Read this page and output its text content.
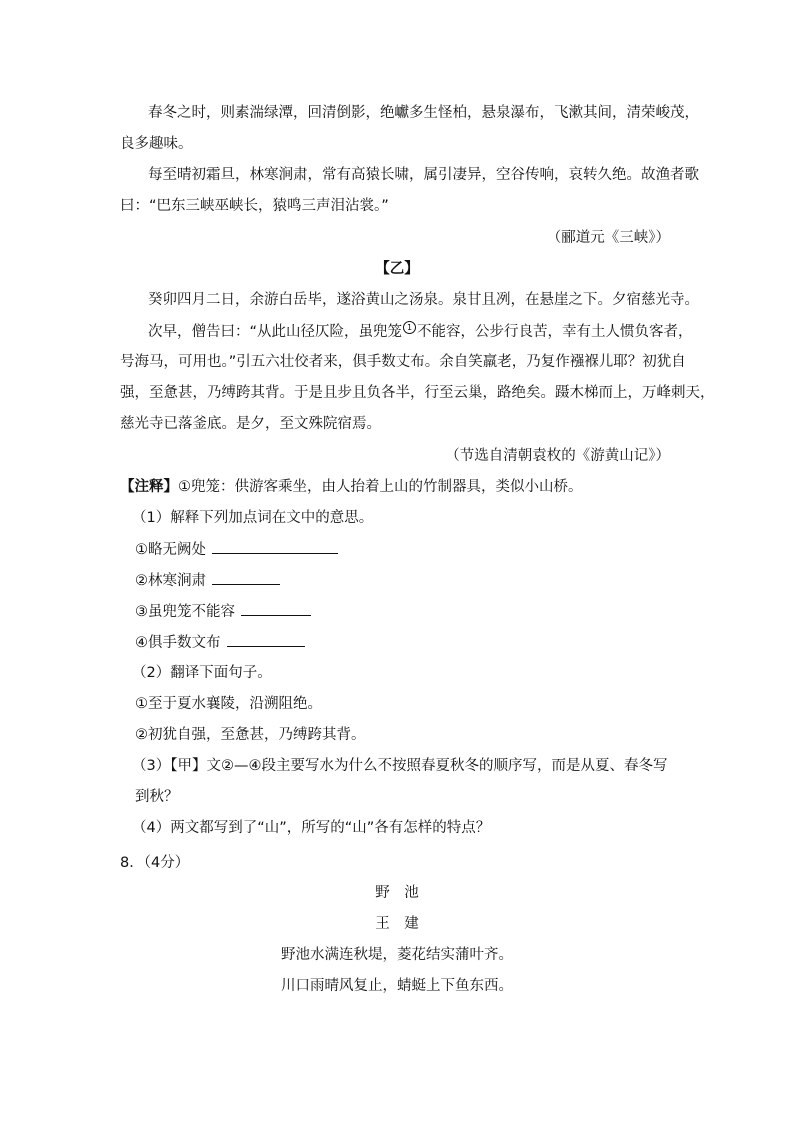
春冬之时，则素湍绿潭，回清倒影，绝巘多生怪柏，悬泉瀑布，飞漱其间，清荣峻茂，
良多趣味。
每至晴初霜旦，林寒涧肃，常有高猿长啸，属引凄异，空谷传响，哀转久绝。故渔者歌
曰：“巴东三峡巫峡长，猿鸣三声泪沾裳。”
（郦道元《三峡》）
【乙】
癸卯四月二日，余游白岳毕，遂浴黄山之汤泉。泉甘且冽，在悬崖之下。夕宿慈光寺。
次早，僧告曰：“从此山径仄险，虽兜笼 1 不能容，公步行良苦，幸有土人惯负客者，
号海马，可用也。”引五六壮佼者来，俱手数丈布。余自笑羸老，乃复作襁褓儿耶？初犹自
强，至惫甚，乃缚跨其背。于是且步且负各半，行至云巢，路绝矣。蹑木梯而上，万峰刺天，
慈光寺已落釜底。是夕，至文殊院宿焉。
（节选自清朝袁枚的《游黄山记》）
【注释】①兜笼：供游客乘坐，由人抬着上山的竹制器具，类似小山桥。
（1）解释下列加点词在文中的意思。
①略无阙处
②林寒涧肃
③虽兜笼不能容
④俱手数文布
（2）翻译下面句子。
①至于夏水襄陵，沿溯阻绝。
②初犹自强，至惫甚，乃缚跨其背。
（3）【甲】文②—④段主要写水为什么不按照春夏秋冬的顺序写，而是从夏、春冬写
到秋？
（4）两文都写到了“山”，所写的“山”各有怎样的特点？
8．（4分）
野　池
王　建
野池水满连秋堤，菱花结实蒲叶齐。
川口雨晴风复止，蜻蜓上下鱼东西。
